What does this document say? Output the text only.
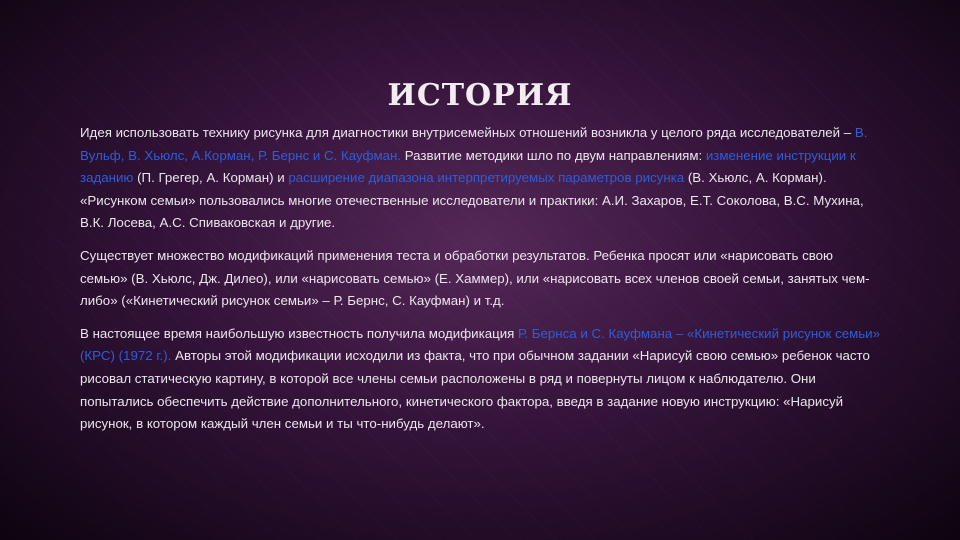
ИСТОРИЯ

Идея использовать технику рисунка для диагностики внутрисемейных отношений возникла у целого ряда исследователей – В. Вульф, В. Хьюлс, А.Корман, Р. Бернс и С. Кауфман. Развитие методики шло по двум направлениям: изменение инструкции к заданию (П. Грегер, А. Корман) и расширение диапазона интерпретируемых параметров рисунка (В. Хьюлс, А. Корман). «Рисунком семьи» пользовались многие отечественные исследователи и практики: А.И. Захаров, Е.Т. Соколова, В.С. Мухина, В.К. Лосева, А.С. Спиваковская и другие.

Существует множество модификаций применения теста и обработки результатов. Ребенка просят или «нарисовать свою семью» (В. Хьюлс, Дж. Дилео), или «нарисовать семью» (Е. Хаммер), или «нарисовать всех членов своей семьи, занятых чем-либо» («Кинетический рисунок семьи» – Р. Бернс, С. Кауфман) и т.д.

В настоящее время наибольшую известность получила модификация Р. Бернса и С. Кауфмана – «Кинетический рисунок семьи» (КРС) (1972 г.). Авторы этой модификации исходили из факта, что при обычном задании «Нарисуй свою семью» ребенок часто рисовал статическую картину, в которой все члены семьи расположены в ряд и повернуты лицом к наблюдателю. Они попытались обеспечить действие дополнительного, кинетического фактора, введя в задание новую инструкцию: «Нарисуй рисунок, в котором каждый член семьи и ты что-нибудь делают».
